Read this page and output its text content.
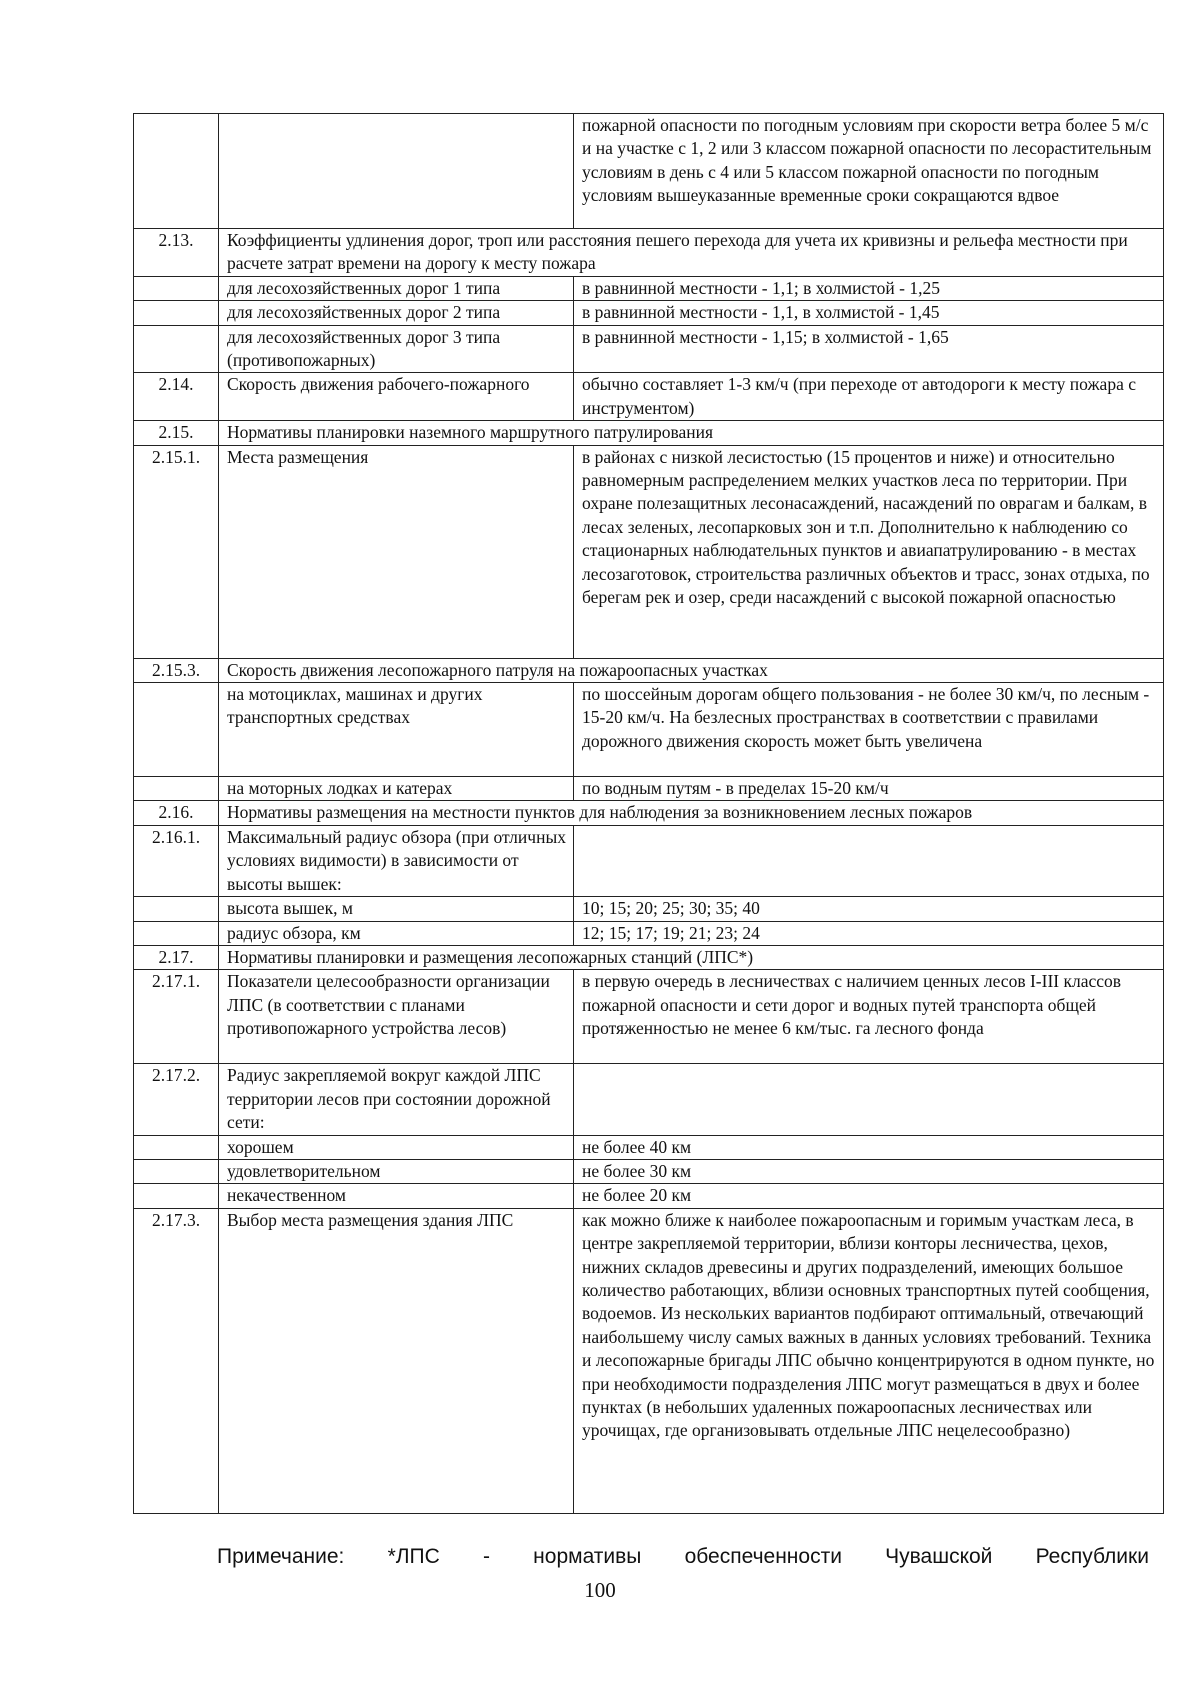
		пожарной опасности по погодным условиям при скорости ветра более 5 м/с и на участке с 1, 2 или 3 классом пожарной опасности по лесорастительным условиям в день с 4 или 5 классом пожарной опасности по погодным условиям вышеуказанные временные сроки сокращаются вдвое
2.13.	Коэффициенты удлинения дорог, троп или расстояния пешего перехода для учета их кривизны и рельефа местности при расчете затрат времени на дорогу к месту пожара	
	для лесохозяйственных дорог 1 типа	в равнинной местности - 1,1; в холмистой - 1,25
	для лесохозяйственных дорог 2 типа	в равнинной местности - 1,1, в холмистой - 1,45
	для лесохозяйственных дорог 3 типа (противопожарных)	в равнинной местности - 1,15; в холмистой - 1,65
2.14.	Скорость движения рабочего-пожарного	обычно составляет 1-3 км/ч (при переходе от автодороги к месту пожара с инструментом)
2.15.	Нормативы планировки наземного маршрутного патрулирования	
2.15.1.	Места размещения	в районах с низкой лесистостью (15 процентов и ниже) и относительно равномерным распределением мелких участков леса по территории. При охране полезащитных лесонасаждений, насаждений по оврагам и балкам, в лесах зеленых, лесопарковых зон и т.п. Дополнительно к наблюдению со стационарных наблюдательных пунктов и авиапатрулированию - в местах лесозаготовок, строительства различных объектов и трасс, зонах отдыха, по берегам рек и озер, среди насаждений с высокой пожарной опасностью
2.15.3.	Скорость движения лесопожарного патруля на пожароопасных участках	
	на мотоциклах, машинах и других транспортных средствах	по шоссейным дорогам общего пользования - не более 30 км/ч, по лесным - 15-20 км/ч. На безлесных пространствах в соответствии с правилами дорожного движения скорость может быть увеличена
	на моторных лодках и катерах	по водным путям - в пределах 15-20 км/ч
2.16.	Нормативы размещения на местности пунктов для наблюдения за возникновением лесных пожаров	
2.16.1.	Максимальный радиус обзора (при отличных условиях видимости) в зависимости от высоты вышек:	
	высота вышек, м	10; 15; 20; 25; 30; 35; 40
	радиус обзора, км	12; 15; 17; 19; 21; 23; 24
2.17.	Нормативы планировки и размещения лесопожарных станций (ЛПС*)	
2.17.1.	Показатели целесообразности организации ЛПС (в соответствии с планами противопожарного устройства лесов)	в первую очередь в лесничествах с наличием ценных лесов I-III классов пожарной опасности и сети дорог и водных путей транспорта общей протяженностью не менее 6 км/тыс. га лесного фонда
2.17.2.	Радиус закрепляемой вокруг каждой ЛПС территории лесов при состоянии дорожной сети:	
	хорошем	не более 40 км
	удовлетворительном	не более 30 км
	некачественном	не более 20 км
2.17.3.	Выбор места размещения здания ЛПС	как можно ближе к наиболее пожароопасным и горимым участкам леса, в центре закрепляемой территории, вблизи конторы лесничества, цехов, нижних складов древесины и других подразделений, имеющих большое количество работающих, вблизи основных транспортных путей сообщения, водоемов. Из нескольких вариантов подбирают оптимальный, отвечающий наибольшему числу самых важных в данных условиях требований. Техника и лесопожарные бригады ЛПС обычно концентрируются в одном пункте, но при необходимости подразделения ЛПС могут размещаться в двух и более пунктах (в небольших удаленных пожароопасных лесничествах или урочищах, где организовывать отдельные ЛПС нецелесообразно)
Примечание: *ЛПС - нормативы обеспеченности Чувашской Республики
100
